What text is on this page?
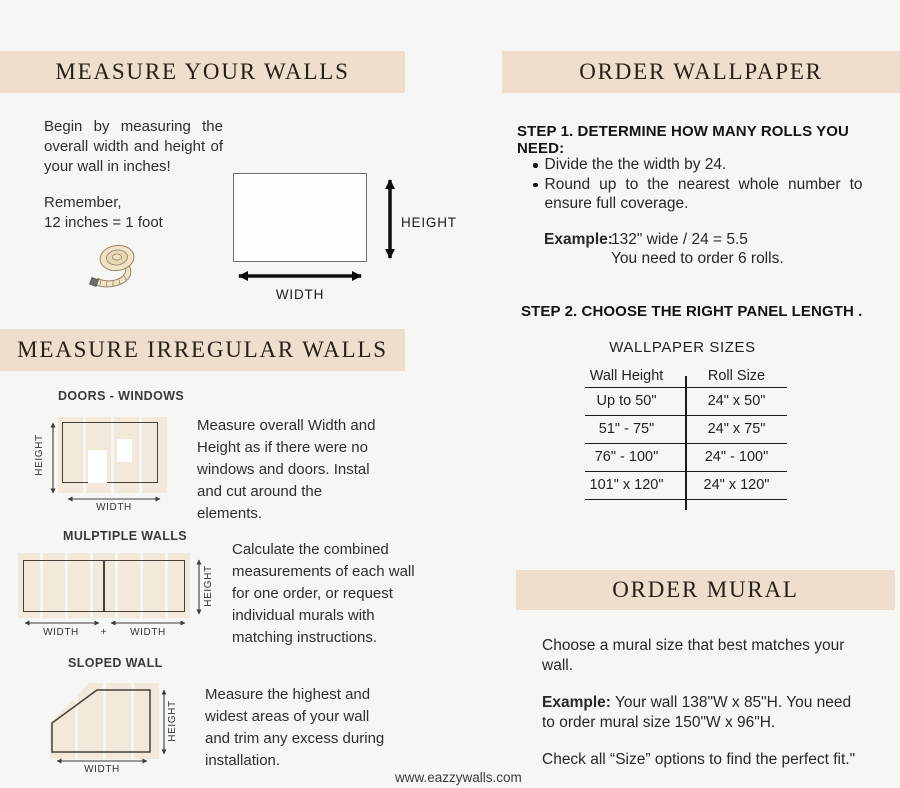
MEASURE YOUR WALLS

Begin by measuring the overall width and height of your wall in inches!

Remember,
12 inches = 1 foot	HEIGHT
WIDTH
MEASURE IRREGULAR WALLS
DOORS - WINDOWS
HEIGHT
WIDTH

Measure overall Width and Height as if there were no windows and doors. Instal and cut around the elements.

MULPTIPLE WALLS
HEIGHT
WIDTH	+	WIDTH

Calculate the combined measurements of each wall for one order, or request individual murals with matching instructions.

SLOPED WALL
HEIGHT
WIDTH

Measure the highest and widest areas of your wall and trim any excess during installation.

ORDER WALLPAPER
STEP 1. DETERMINE HOW MANY ROLLS YOU NEED:

Divide the the width by 24.

Round up to the nearest whole number to ensure full coverage.

Example:
132" wide / 24 = 5.5
You need to order 6 rolls.
STEP 2. CHOOSE THE RIGHT PANEL LENGTH .
WALLPAPER SIZES
Wall Height	Roll Size
Up to 50"	24" x 50"
51" - 75"	24" x 75"
76" - 100"	24" - 100"
101" x 120"	24" x 120"
ORDER MURAL

Choose a mural size that best matches your wall.

Example: Your wall 138"W x 85"H. You need to order mural size 150"W x 96"H.

Check all “Size” options to find the perfect fit."

www.eazzywalls.com
